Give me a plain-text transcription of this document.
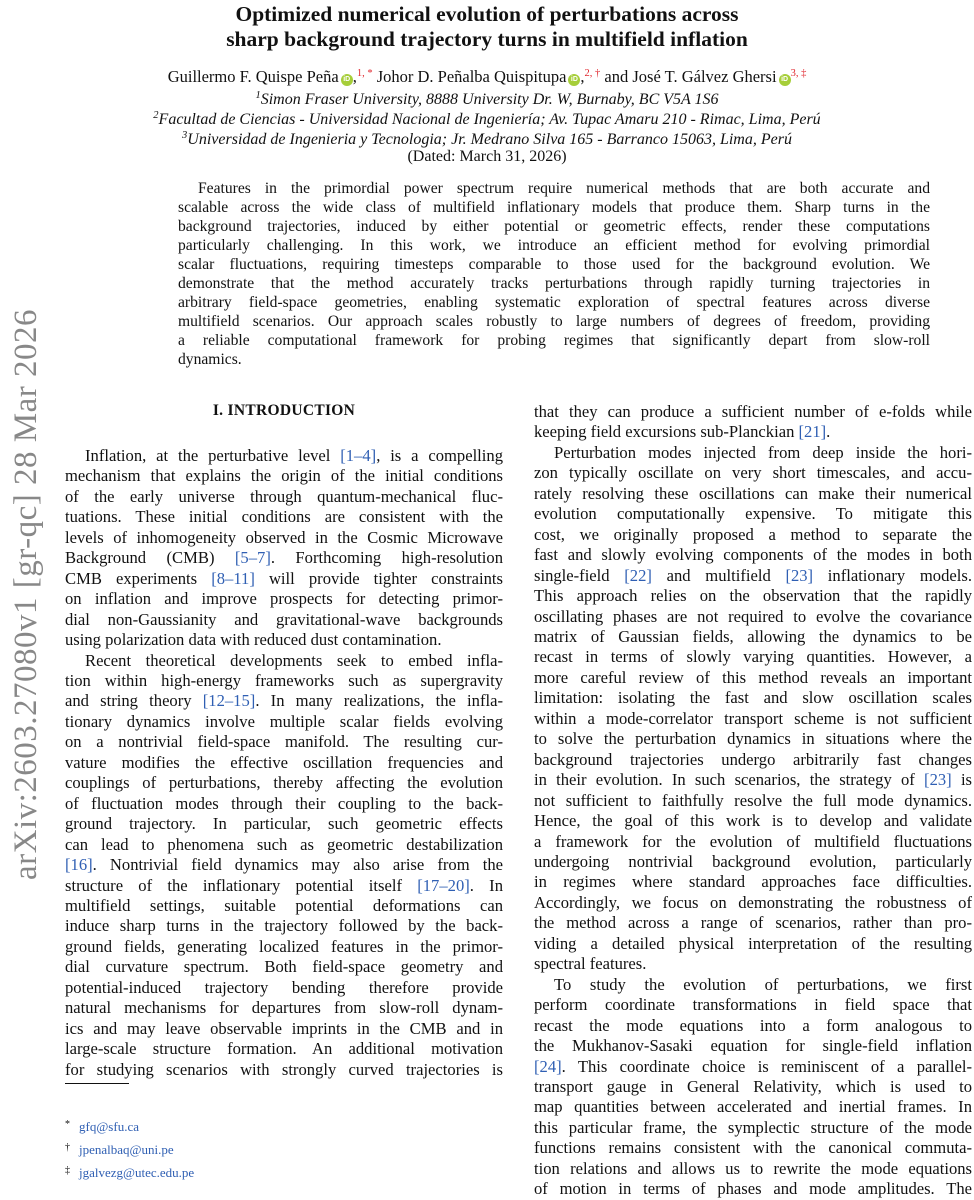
arXiv:2603.27080v1 [gr-qc] 28 Mar 2026
Optimized numerical evolution of perturbations across
sharp background trajectory turns in multifield inflation
Guillermo F. Quispe Peña iD ,$^{1, *}$ Johor D. Peñalba Quispitupa iD ,$^{2, \dagger}$ and José T. Gálvez Ghersi $iD^{3, \ddagger}$
$^1$Simon Fraser University, 8888 University Dr. W, Burnaby, BC V5A 1S6
$^2$Facultad de Ciencias - Universidad Nacional de Ingeniería; Av. Tupac Amaru 210 - Rimac, Lima, Perú
$^3$Universidad de Ingenieria y Tecnologia; Jr. Medrano Silva 165 - Barranco 15063, Lima, Perú
(Dated: March 31, 2026)
Features in the primordial power spectrum require numerical methods that are both accurate and
scalable across the wide class of multifield inflationary models that produce them. Sharp turns in the
background trajectories, induced by either potential or geometric effects, render these computations
particularly challenging. In this work, we introduce an efficient method for evolving primordial
scalar fluctuations, requiring timesteps comparable to those used for the background evolution. We
demonstrate that the method accurately tracks perturbations through rapidly turning trajectories in
arbitrary field-space geometries, enabling systematic exploration of spectral features across diverse
multifield scenarios. Our approach scales robustly to large numbers of degrees of freedom, providing
a reliable computational framework for probing regimes that significantly depart from slow-roll
dynamics.
I. INTRODUCTION
Inflation, at the perturbative level [1–4], is a compelling
mechanism that explains the origin of the initial conditions
of the early universe through quantum-mechanical fluc-
tuations. These initial conditions are consistent with the
levels of inhomogeneity observed in the Cosmic Microwave
Background (CMB) [5–7]. Forthcoming high-resolution
CMB experiments [8–11] will provide tighter constraints
on inflation and improve prospects for detecting primor-
dial non-Gaussianity and gravitational-wave backgrounds
using polarization data with reduced dust contamination.
Recent theoretical developments seek to embed infla-
tion within high-energy frameworks such as supergravity
and string theory [12–15]. In many realizations, the infla-
tionary dynamics involve multiple scalar fields evolving
on a nontrivial field-space manifold. The resulting cur-
vature modifies the effective oscillation frequencies and
couplings of perturbations, thereby affecting the evolution
of fluctuation modes through their coupling to the back-
ground trajectory. In particular, such geometric effects
can lead to phenomena such as geometric destabilization
[16]. Nontrivial field dynamics may also arise from the
structure of the inflationary potential itself [17–20]. In
multifield settings, suitable potential deformations can
induce sharp turns in the trajectory followed by the back-
ground fields, generating localized features in the primor-
dial curvature spectrum. Both field-space geometry and
potential-induced trajectory bending therefore provide
natural mechanisms for departures from slow-roll dynam-
ics and may leave observable imprints in the CMB and in
large-scale structure formation. An additional motivation
for studying scenarios with strongly curved trajectories is
that they can produce a sufficient number of e-folds while
keeping field excursions sub-Planckian [21].
Perturbation modes injected from deep inside the hori-
zon typically oscillate on very short timescales, and accu-
rately resolving these oscillations can make their numerical
evolution computationally expensive. To mitigate this
cost, we originally proposed a method to separate the
fast and slowly evolving components of the modes in both
single-field [22] and multifield [23] inflationary models.
This approach relies on the observation that the rapidly
oscillating phases are not required to evolve the covariance
matrix of Gaussian fields, allowing the dynamics to be
recast in terms of slowly varying quantities. However, a
more careful review of this method reveals an important
limitation: isolating the fast and slow oscillation scales
within a mode-correlator transport scheme is not sufficient
to solve the perturbation dynamics in situations where the
background trajectories undergo arbitrarily fast changes
in their evolution. In such scenarios, the strategy of [23] is
not sufficient to faithfully resolve the full mode dynamics.
Hence, the goal of this work is to develop and validate
a framework for the evolution of multifield fluctuations
undergoing nontrivial background evolution, particularly
in regimes where standard approaches face difficulties.
Accordingly, we focus on demonstrating the robustness of
the method across a range of scenarios, rather than pro-
viding a detailed physical interpretation of the resulting
spectral features.
To study the evolution of perturbations, we first
perform coordinate transformations in field space that
recast the mode equations into a form analogous to
the Mukhanov-Sasaki equation for single-field inflation
[24]. This coordinate choice is reminiscent of a parallel-
transport gauge in General Relativity, which is used to
map quantities between accelerated and inertial frames. In
this particular frame, the symplectic structure of the mode
functions remains consistent with the canonical commuta-
tion relations and allows us to rewrite the mode equations
of motion in terms of phases and mode amplitudes. The
* gfq@sfu.ca
† jpenalbaq@uni.pe
‡ jgalvezg@utec.edu.pe
